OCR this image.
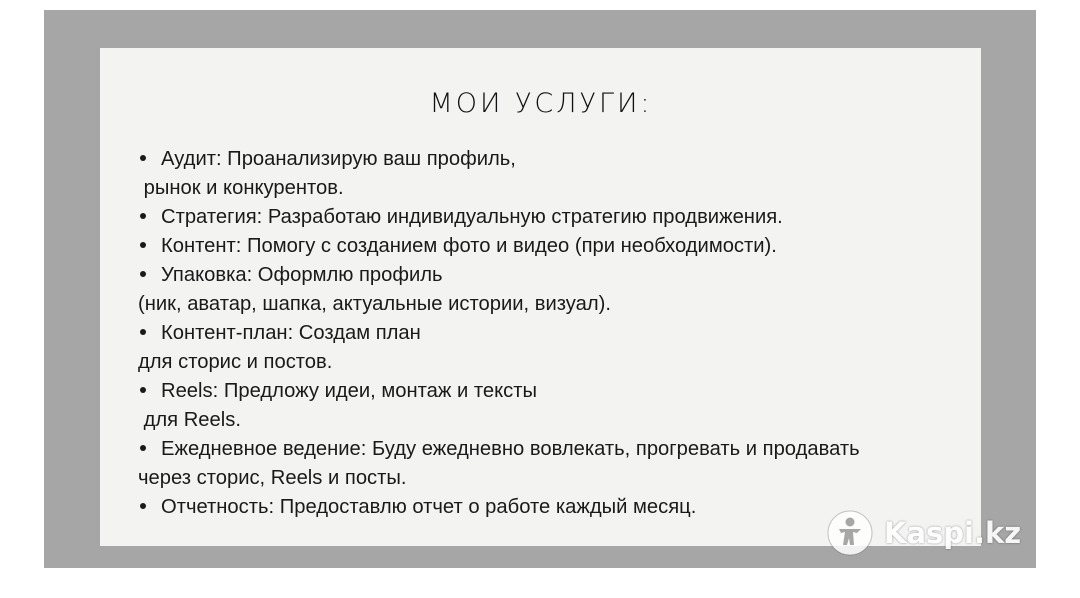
МОИ УСЛУГИ:
Аудит: Проанализирую ваш профиль,
рынок и конкурентов.
Стратегия: Разработаю индивидуальную стратегию продвижения.
Контент: Помогу с созданием фото и видео (при необходимости).
Упаковка: Оформлю профиль
(ник, аватар, шапка, актуальные истории, визуал).
Контент-план: Создам план
для сторис и постов.
Reels: Предложу идеи, монтаж и тексты
для Reels.
Ежедневное ведение: Буду ежедневно вовлекать, прогревать и продавать
через сторис, Reels и посты.
Отчетность: Предоставлю отчет о работе каждый месяц.
Kaspi.kz
